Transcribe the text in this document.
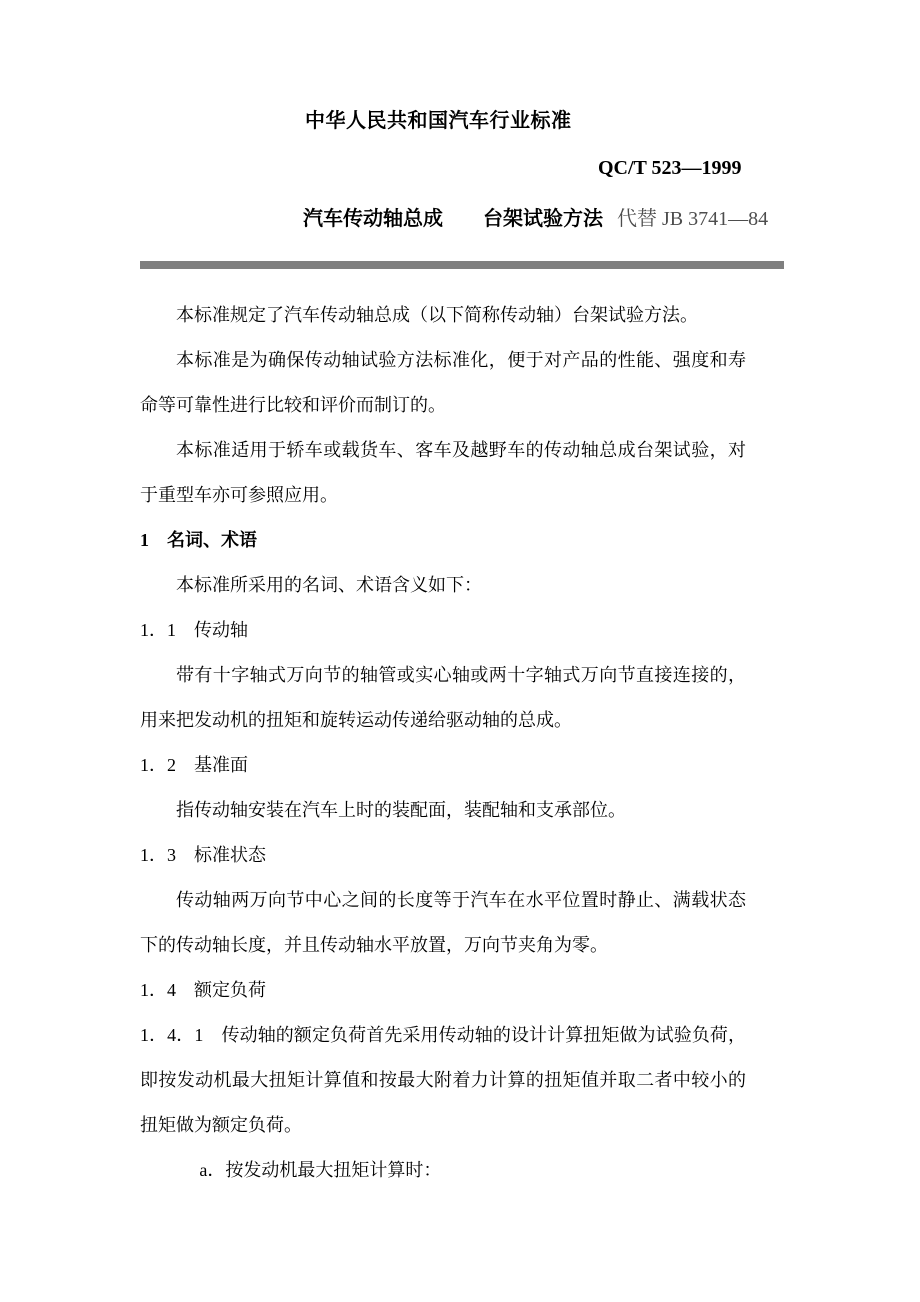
中华人民共和国汽车行业标准
QC/T 523—1999
汽车传动轴总成　　台架试验方法 代替 JB 3741—84
本标准规定了汽车传动轴总成（以下简称传动轴）台架试验方法。
本标准是为确保传动轴试验方法标准化，便于对产品的性能、强度和寿命等可靠性进行比较和评价而制订的。
本标准适用于轿车或载货车、客车及越野车的传动轴总成台架试验，对于重型车亦可参照应用。
1　名词、术语
本标准所采用的名词、术语含义如下：
1．1　传动轴
带有十字轴式万向节的轴管或实心轴或两十字轴式万向节直接连接的，用来把发动机的扭矩和旋转运动传递给驱动轴的总成。
1．2　基准面
指传动轴安装在汽车上时的装配面，装配轴和支承部位。
1．3　标准状态
传动轴两万向节中心之间的长度等于汽车在水平位置时静止、满载状态下的传动轴长度，并且传动轴水平放置，万向节夹角为零。
1．4　额定负荷
1．4．1　传动轴的额定负荷首先采用传动轴的设计计算扭矩做为试验负荷，即按发动机最大扭矩计算值和按最大附着力计算的扭矩值并取二者中较小的扭矩做为额定负荷。
a．按发动机最大扭矩计算时：
